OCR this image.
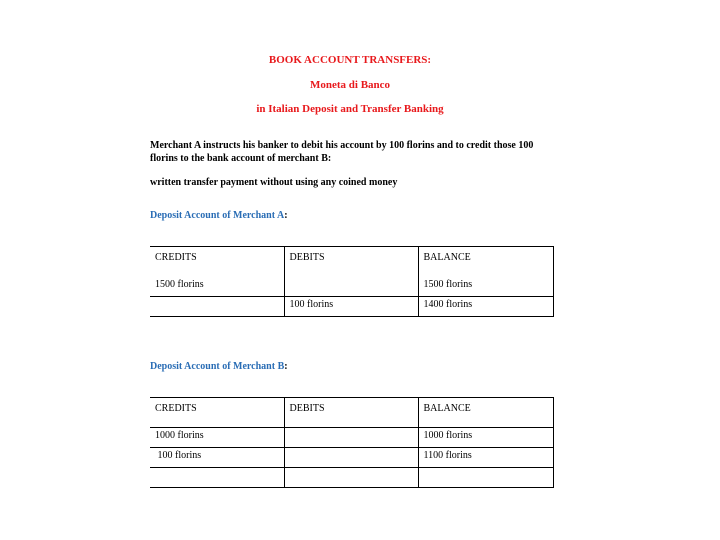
BOOK ACCOUNT TRANSFERS:
Moneta di Banco
in Italian Deposit and Transfer Banking
Merchant A instructs his banker to debit his account by 100 florins and to credit those 100 florins to the bank account of merchant B:
written transfer payment without using any coined money
Deposit Account of Merchant A:
CREDITS	DEBITS	BALANCE
1500 florins		1500 florins
	100 florins	1400 florins
Deposit Account of Merchant B:
CREDITS	DEBITS	BALANCE
1000 florins		1000 florins
100 florins		1100 florins
